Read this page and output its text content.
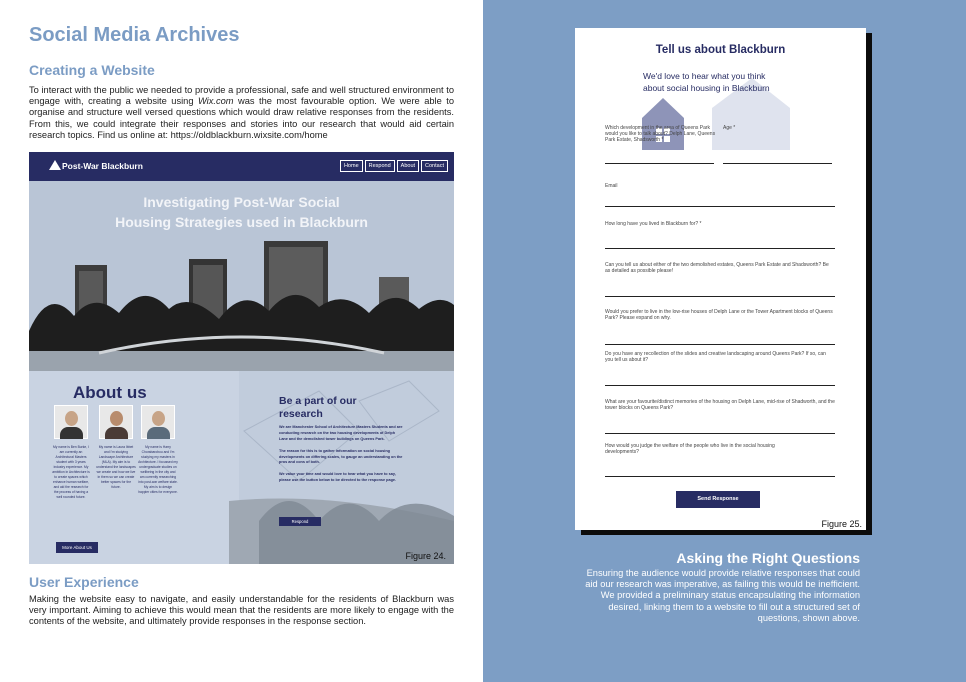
Social Media Archives
Creating a Website
To interact with the public we needed to provide a professional, safe and well structured environment to engage with, creating a website using Wix.com was the most favourable option. We were able to organise and structure well versed questions which would draw relative responses from the residents. From this, we could integrate their responses and stories into our research that would aid certain research topics. Find us online at: https://oldblackburn.wixsite.com/home
Post-War Blackburn	Home	Respond	About	Contact
Investigating Post-War Social
Housing Strategies used in Blackburn
About us
My name is Ben Burke, I am currently an Architectural Masters student with 3 years industry experience. My ambition in Architecture is to create spaces which enhance human welfare, and aid the research for the process of having a well rounded future.
My name is Laura Ibbet and I'm studying Landscape Architecture (MLA). My aim is to understand the landscapes we create and how we live in them so we can create better spaces for the future.
My name is Harry Chorabarobou and I'm studying my masters in Architecture. I focussed my undergraduate studies on wellbeing in the city and am currently researching into post-war welfare state. My aim is to design happier cities for everyone.
More About Us
Be a part of our research

We are Manchester School of Architecture Masters Students and are conducting research on the two housing developments of Delph Lane and the demolished tower buildings on Queens Park.

The reason for this is to gather information on social housing developments on differing scales, to gauge an understanding on the pros and cons of both.

We value your time and would love to hear what you have to say, please use the button below to be directed to the response page.

Respond
Figure 24.
User Experience
Making the website easy to navigate, and easily understandable for the residents of Blackburn was very important. Aiming to achieve this would mean that the residents are more likely to engage with the contents of the website, and ultimately provide responses in the response section.
Tell us about Blackburn
We'd love to hear what you think about social housing in Blackburn
Which development in the area of Queens Park would you like to talk about? Delph Lane, Queens Park Estate, Shadsworth *
Age *
Email
How long have you lived in Blackburn for? *
Can you tell us about either of the two demolished estates, Queens Park Estate and Shadsworth? Be as detailed as possible please!
Would you prefer to live in the low-rise houses of Delph Lane or the Tower Apartment blocks of Queens Park? Please expand on why.
Do you have any recollection of the slides and creative landscaping around Queens Park? If so, can you tell us about it?
What are your favourite/distinct memories of the housing on Delph Lane, mid-rise of Shadworth, and the tower blocks on Queens Park?
How would you judge the welfare of the people who live in the social housing developments?
Send Response
Figure 25.
Asking the Right Questions
Ensuring the audience would provide relative responses that could aid our research was imperative, as failing this would be inefficient. We provided a preliminary status encapsulating the information desired, linking them to a website to fill out a structured set of questions, shown above.
